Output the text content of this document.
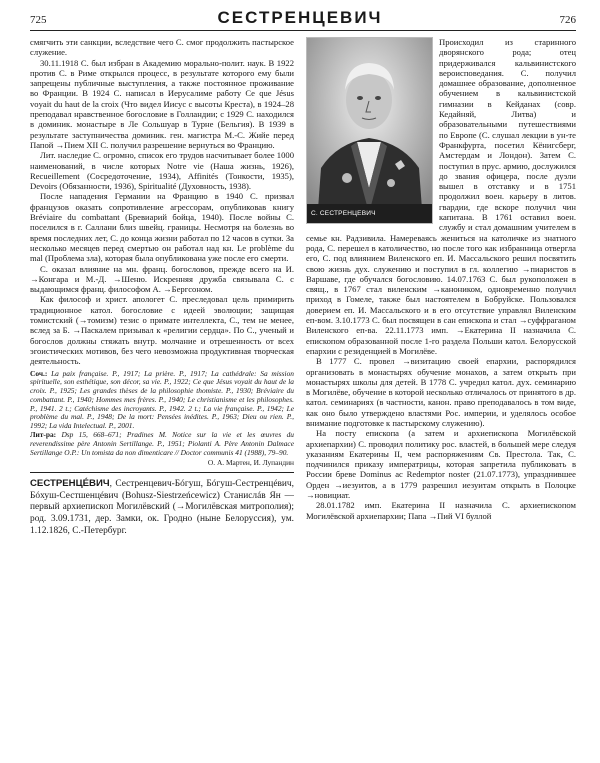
725	СЕСТРЕНЦЕВИЧ	726

смягчить эти санкции, вследствие чего С. смог продолжить пастырское служение.

30.11.1918 С. был избран в Академию морально-полит. наук. В 1922 против С. в Риме открылся процесс, в результате которого ему были запрещены публичные выступления, а также постоянное проживание во Франции. В 1924 С. написал в Иерусалиме работу Ce que Jésus voyait du haut de la croix (Что видел Иисус с высоты Креста), в 1924–28 преподавал нравственное богословие в Голландии; с 1929 С. находился в доминик. монастыре в Ле Сольшуар в Турне (Бельгия). В 1939 в результате заступничества доминик. ген. магистра М.-С. Жийе перед Папой →Пием XII С. получил разрешение вернуться во Францию.

Лит. наследие С. огромно, список его трудов насчитывает более 1000 наименований, в числе которых Notre vie (Наша жизнь, 1926), Recueillement (Сосредоточение, 1934), Affinités (Тонкости, 1935), Devoirs (Обязанности, 1936), Spiritualité (Духовность, 1938).

После нападения Германии на Францию в 1940 С. призвал французов оказать сопротивление агрессорам, опубликовав книгу Bréviaire du combattant (Бревиарий бойца, 1940). После войны С. поселился в г. Саллани близ швейц. границы. Несмотря на болезнь во время последних лет, С. до конца жизни работал по 12 часов в сутки. За несколько месяцев перед смертью он работал над кн. Le problème du mal (Проблема зла), которая была опубликована уже после его смерти.

С. оказал влияние на мн. франц. богословов, прежде всего на И. →Конгара и М.-Д. →Шеню. Искренняя дружба связывала С. с выдающимся франц. философом А. →Бергсоном.

Как философ и христ. апологет С. преследовал цель примирить традиционное катол. богословие с идеей эволюции; защищая томистский (→томизм) тезис о примате интеллекта, С., тем не менее, вслед за Б. →Паскалем призывал к «религии сердца». По С., ученый и богослов должны стяжать внутр. молчание и отрешенность от всех эгоистических мотивов, без чего невозможна продуктивная творческая деятельность.

Соч.: La paix française. P., 1917; La prière. P., 1917; La cathédrale: Sa mission spirituelle, son esthétique, son décor, sa vie. P., 1922; Ce que Jésus voyait du haut de la croix. P., 1925; Les grandes thèses de la philosophie thomiste. P., 1930; Bréviaire du combattant. P., 1940; Hommes mes frères. P., 1940; Le christianisme et les philosophes. P., 1941. 2 t.; Catéchisme des incroyants. P., 1942. 2 t.; La vie française. P., 1942; Le problème du mal. P., 1948; De la mort: Pensées inédites. P., 1963; Dieu ou rien. P., 1992; La vida Intelectual. P., 2001.

Лит-ра: Dsp 15, 668–671; Pradines M. Notice sur la vie et les œuvres du reverendissime père Antonin Sertillange. P., 1951; Piolanti A. Père Antonin Dalmace Sertillange O.P.: Un tomista da non dimenticare // Doctor communis 41 (1988), 79–90.

О. А. Мартен, И. Лупандин

СЕСТРЕНЦЕ́ВИЧ, Сестренцевич-Бóгуш, Бóгуш-Сестренцéвич, Бóхуш-Сестшенцéвич (Bohusz-Siestrzeńcewicz) Станислáв Ян — первый архиепископ Могилёвский (→Могилёвская митрополия); род. 3.09.1731, дер. Замки, ок. Гродно (ныне Белоруссия), ум. 1.12.1826, С.-Петербург.

С. СЕСТРЕНЦЕВИЧ

Происходил из старинного дворянского рода; отец придерживался кальвинистского вероисповедания. С. получил домашнее образование, дополненное обучением в кальвинистской гимназии в Кейданах (совр. Кедайняй, Литва) и образовательными путешествиями по Европе (С. слушал лекции в ун-те Франкфурта, посетил Кёнигсберг, Амстердам и Лондон). Затем С. поступил в прус. армию, дослужился до звания офицера, после дуэли вышел в отставку и в 1751 продолжил воен. карьеру в литов. гвардии, где вскоре получил чин капитана. В 1761 оставил воен. службу и стал домашним учителем в семье кн. Радзивила. Намереваясь жениться на католичке из знатного рода, С. перешел в католичество, но после того как избранница отвергла его, С. под влиянием Виленского еп. И. Массальского решил посвятить свою жизнь дух. служению и поступил в гл. коллегию →пиаристов в Варшаве, где обучался богословию. 14.07.1763 С. был рукоположен в свящ., в 1767 стал виленским →каноником, одновременно получил приход в Гомеле, также был настоятелем в Бобруйске. Пользовался доверием еп. И. Массальского и в его отсутствие управлял Виленским еп-вом. 3.10.1773 С. был посвящен в сан епископа и стал →суффраганом Виленского еп-ва. 22.11.1773 имп. →Екатерина II назначила С. епископом образованной после 1-го раздела Польши катол. Белорусской епархии с резиденцией в Могилёве.

В 1777 С. провел →визитацию своей епархии, распорядился организовать в монастырях обучение монахов, а затем открыть при монастырях школы для детей. В 1778 С. учредил катол. дух. семинарию в Могилёве, обучение в которой несколько отличалось от принятого в др. катол. семинариях (в частности, канон. право преподавалось в том виде, как оно было утверждено властями Рос. империи, и уделялось особое внимание подготовке к пастырскому служению).

На посту епископа (а затем и архиепископа Могилёвской архиепархии) С. проводил политику рос. властей, в большей мере следуя указаниям Екатерины II, чем распоряжениям Св. Престола. Так, С. подчинился приказу императрицы, которая запретила публиковать в России бреве Dominus ac Redemptor noster (21.07.1773), упразднившее Орден →иезуитов, а в 1779 разрешил иезуитам открыть в Полоцке →новициат.

28.01.1782 имп. Екатерина II назначила С. архиепископом Могилёвской архиепархии; Папа →Пий VI буллой
